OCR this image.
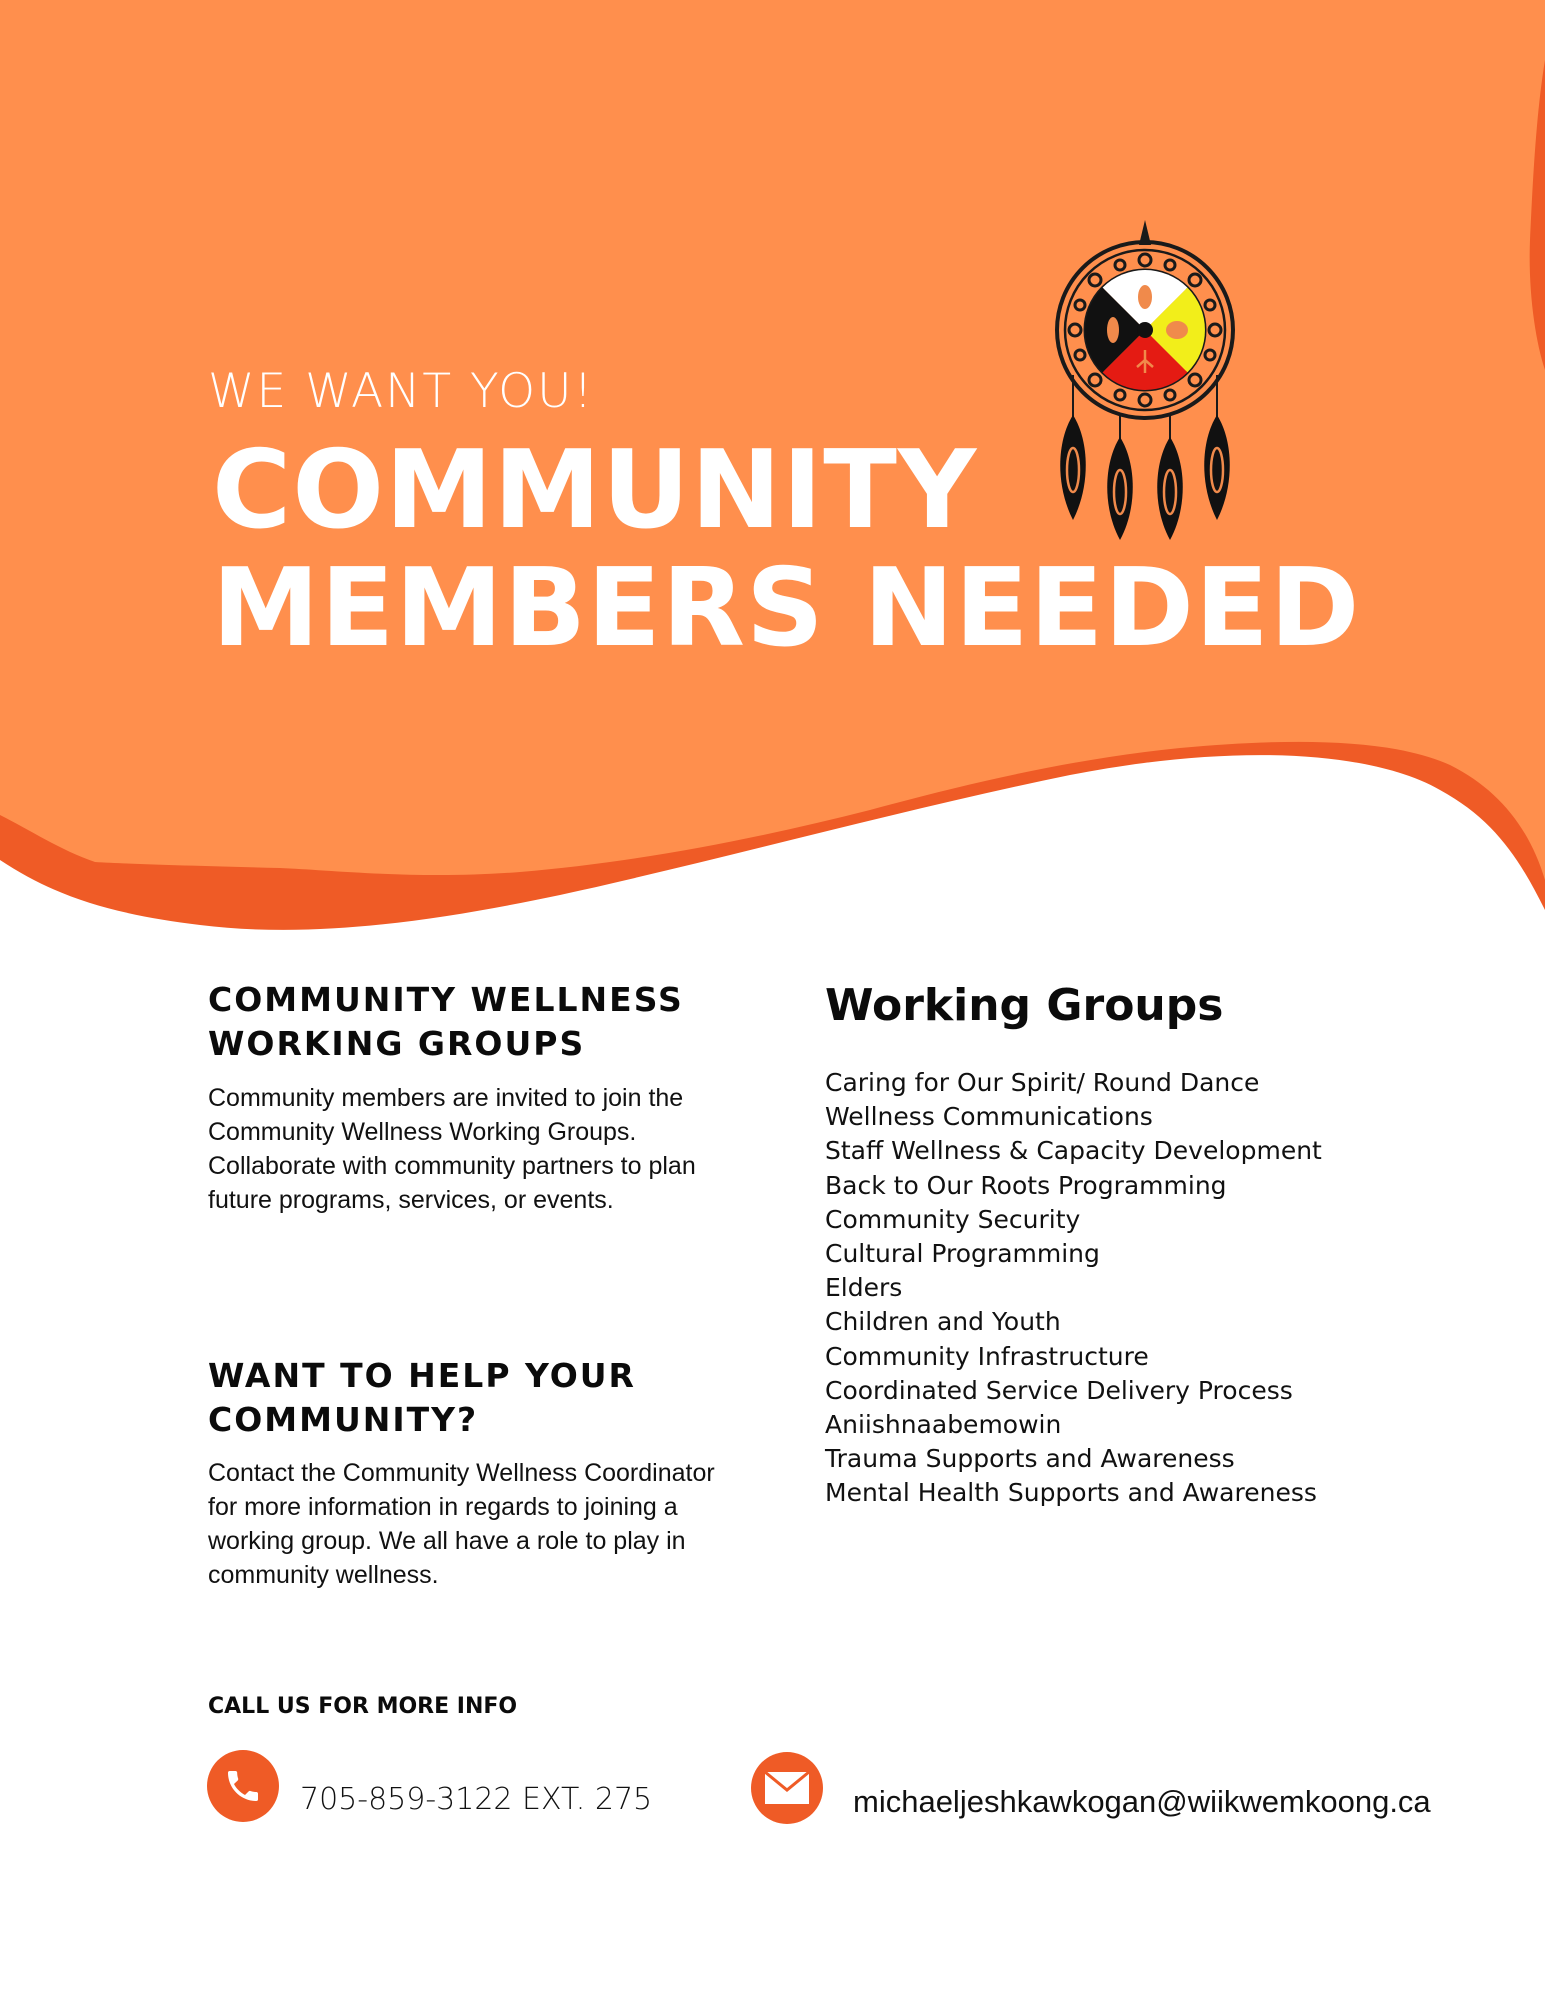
WE WANT YOU!
COMMUNITY
MEMBERS NEEDED
COMMUNITY WELLNESS
WORKING GROUPS
Community members are invited to join the Community Wellness Working Groups. Collaborate with community partners to plan future programs, services, or events.
WANT TO HELP YOUR
COMMUNITY?
Contact the Community Wellness Coordinator for more information in regards to joining a working group. We all have a role to play in community wellness.
Working Groups
Caring for Our Spirit/ Round Dance
Wellness Communications
Staff Wellness & Capacity Development
Back to Our Roots Programming
Community Security
Cultural Programming
Elders
Children and Youth
Community Infrastructure
Coordinated Service Delivery Process
Aniishnaabemowin
Trauma Supports and Awareness
Mental Health Supports and Awareness
CALL US FOR MORE INFO
705-859-3122 EXT. 275	michaeljeshkawkogan@wiikwemkoong.ca
